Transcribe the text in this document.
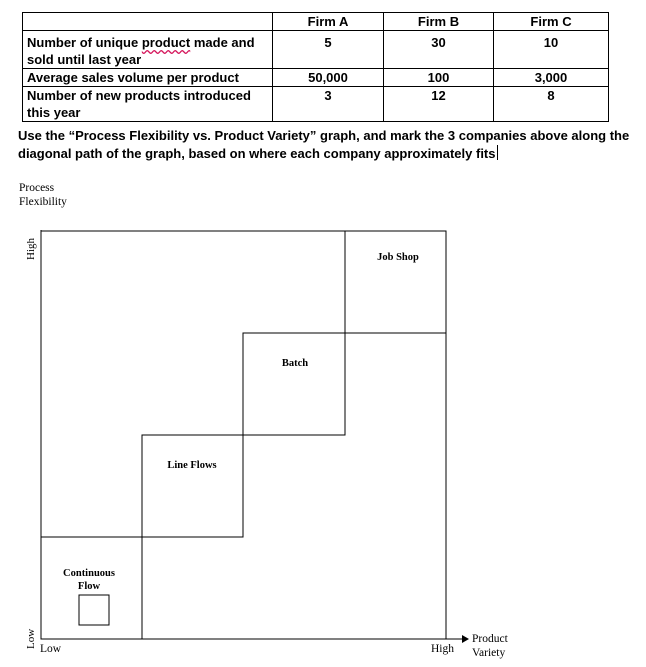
	Firm A	Firm B	Firm C
Number of unique product made and sold until last year	5	30	10
Average sales volume per product	50,000	100	3,000
Number of new products introduced this year	3	12	8
Use the “Process Flexibility vs. Product Variety” graph, and mark the 3 companies above along the diagonal path of the graph, based on where each company approximately fits
Process
Flexibility
High
Low Low	High
Product
Variety
Continuous
Flow
Line Flows
Batch
Job Shop
